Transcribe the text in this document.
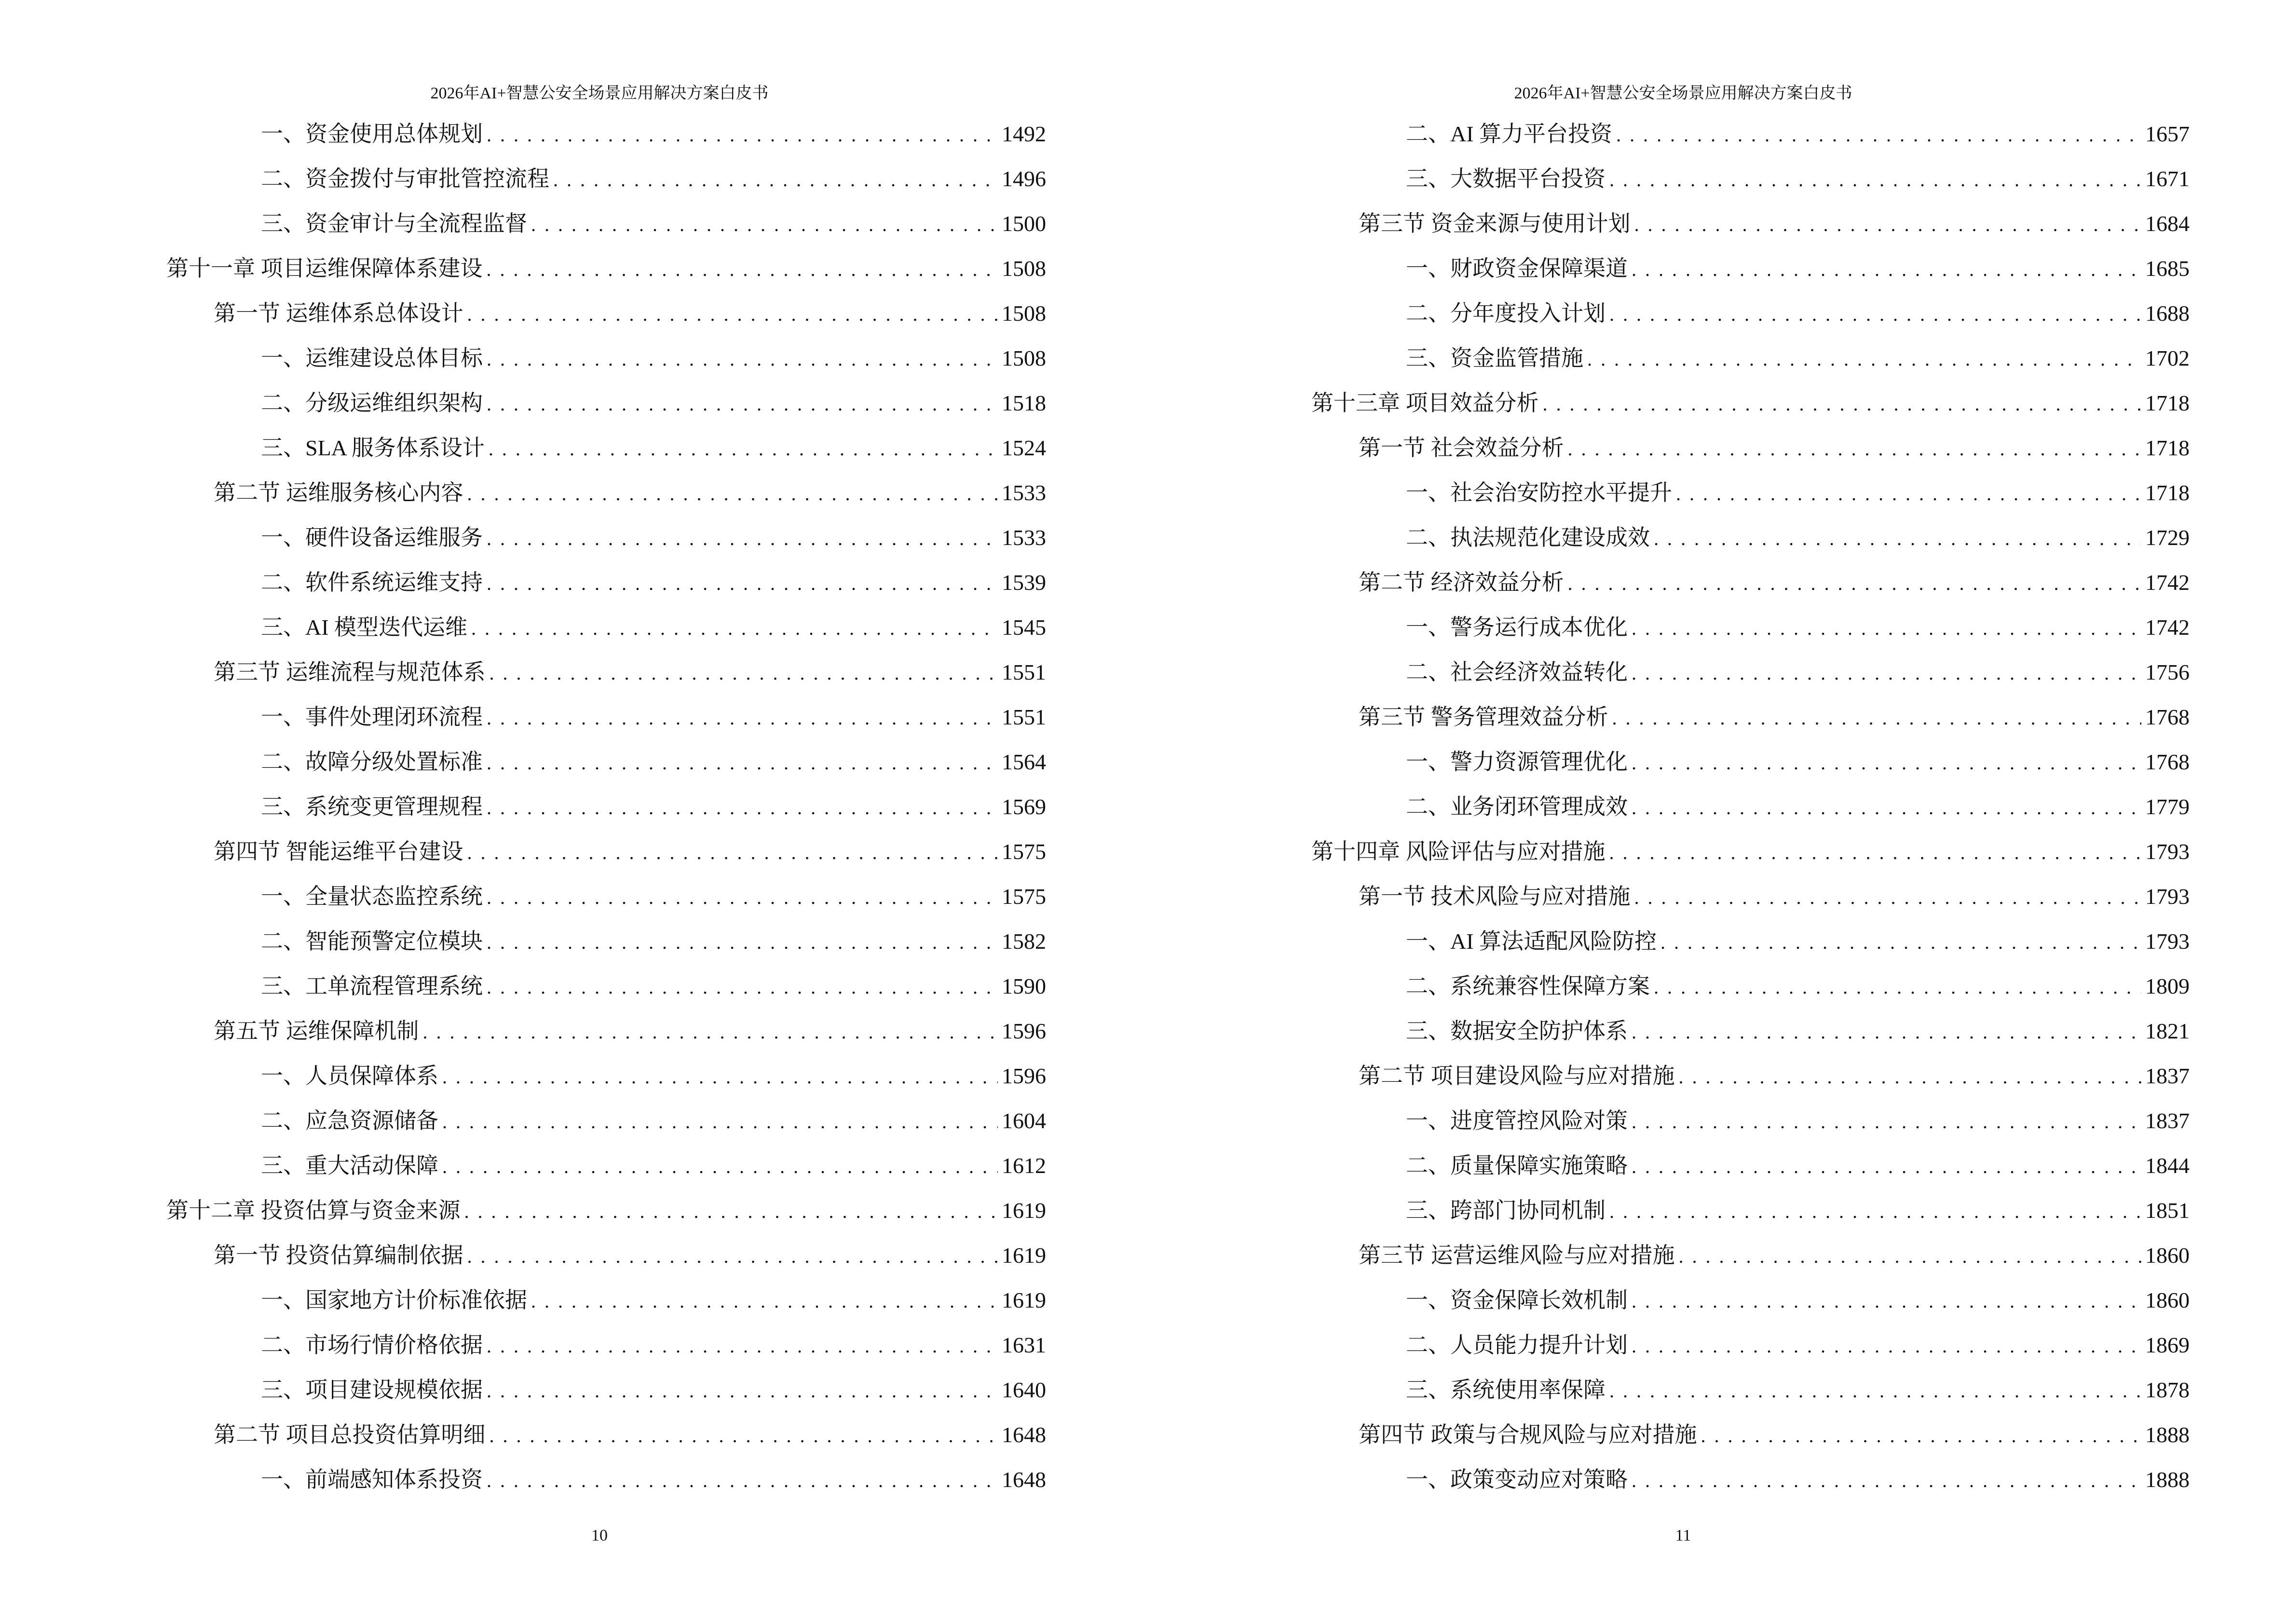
2026年AI+智慧公安全场景应用解决方案白皮书
一、资金使用总体规划 . . .	1492
二、资金拨付与审批管控流程 . . .	1496
三、资金审计与全流程监督 . . .	1500
第十一章 项目运维保障体系建设 . . .	1508
第一节 运维体系总体设计 . . .	1508
一、运维建设总体目标 . . .	1508
二、分级运维组织架构 . . .	1518
三、SLA 服务体系设计 . . .	1524
第二节 运维服务核心内容 . . .	1533
一、硬件设备运维服务 . . .	1533
二、软件系统运维支持 . . .	1539
三、AI 模型迭代运维 . . .	1545
第三节 运维流程与规范体系 . . .	1551
一、事件处理闭环流程 . . .	1551
二、故障分级处置标准 . . .	1564
三、系统变更管理规程 . . .	1569
第四节 智能运维平台建设 . . .	1575
一、全量状态监控系统 . . .	1575
二、智能预警定位模块 . . .	1582
三、工单流程管理系统 . . .	1590
第五节 运维保障机制 . . .	1596
一、人员保障体系 . . .	1596
二、应急资源储备 . . .	1604
三、重大活动保障 . . .	1612
第十二章 投资估算与资金来源 . . .	1619
第一节 投资估算编制依据 . . .	1619
一、国家地方计价标准依据 . . .	1619
二、市场行情价格依据 . . .	1631
三、项目建设规模依据 . . .	1640
第二节 项目总投资估算明细 . . .	1648
一、前端感知体系投资 . . .	1648
10
2026年AI+智慧公安全场景应用解决方案白皮书
二、AI 算力平台投资 . . .	1657
三、大数据平台投资 . . .	1671
第三节 资金来源与使用计划 . . .	1684
一、财政资金保障渠道 . . .	1685
二、分年度投入计划 . . .	1688
三、资金监管措施 . . .	1702
第十三章 项目效益分析 . . .	1718
第一节 社会效益分析 . . .	1718
一、社会治安防控水平提升 . . .	1718
二、执法规范化建设成效 . . .	1729
第二节 经济效益分析 . . .	1742
一、警务运行成本优化 . . .	1742
二、社会经济效益转化 . . .	1756
第三节 警务管理效益分析 . . .	1768
一、警力资源管理优化 . . .	1768
二、业务闭环管理成效 . . .	1779
第十四章 风险评估与应对措施 . . .	1793
第一节 技术风险与应对措施 . . .	1793
一、AI 算法适配风险防控 . . .	1793
二、系统兼容性保障方案 . . .	1809
三、数据安全防护体系 . . .	1821
第二节 项目建设风险与应对措施 . . .	1837
一、进度管控风险对策 . . .	1837
二、质量保障实施策略 . . .	1844
三、跨部门协同机制 . . .	1851
第三节 运营运维风险与应对措施 . . .	1860
一、资金保障长效机制 . . .	1860
二、人员能力提升计划 . . .	1869
三、系统使用率保障 . . .	1878
第四节 政策与合规风险与应对措施 . . .	1888
一、政策变动应对策略 . . .	1888
11
